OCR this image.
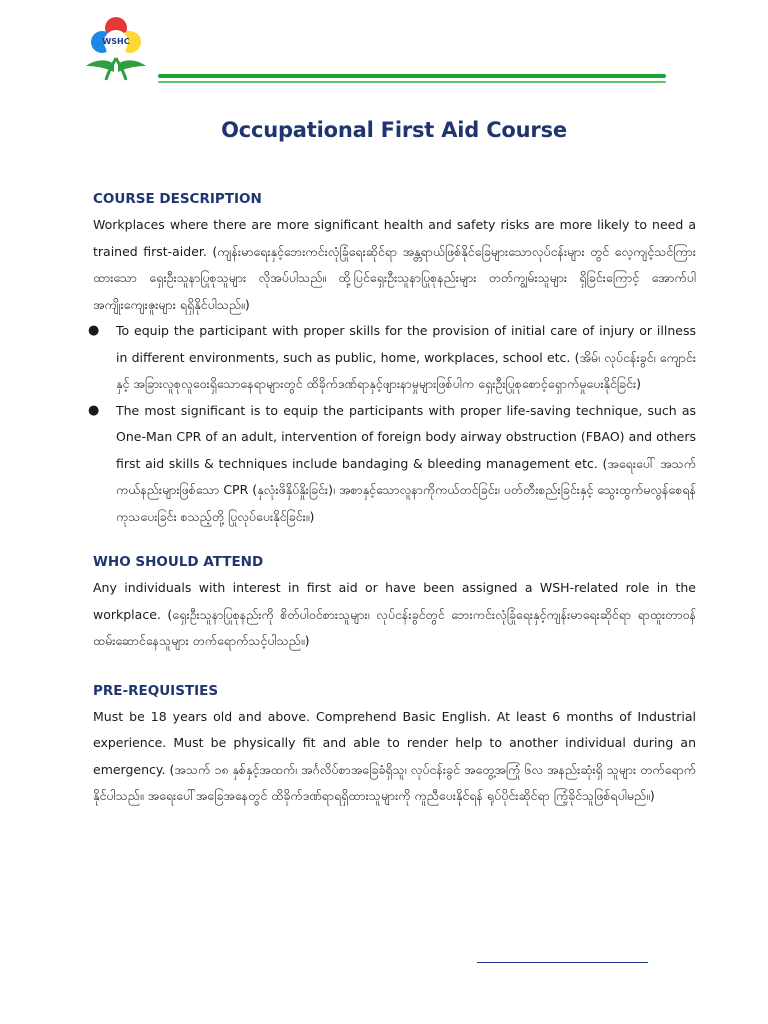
WSHC
Occupational First Aid Course
COURSE DESCRIPTION

Workplaces where there are more significant health and safety risks are more likely to need a trained first-aider. (ကျန်းမာရေးနှင့်ဘေးကင်းလုံခြုံရေးဆိုင်ရာ အန္တရာယ်ဖြစ်နိုင်ခြေများသောလုပ်ငန်းများ တွင် လေ့ကျင့်သင်ကြားထားသော ရှေးဦးသူနာပြုစုသူများ လိုအပ်ပါသည်။ ထို့ပြင်ရှေးဦးသူနာပြုစုနည်းများ တတ်ကျွမ်းသူများ ရှိခြင်းကြောင့် အောက်ပါ အကျိုးကျေးဇူးများ ရရှိနိုင်ပါသည်။)

● To equip the participant with proper skills for the provision of initial care of injury or illness in different environments, such as public, home, workplaces, school etc. (အိမ်၊ လုပ်ငန်းခွင်၊ ကျောင်းနှင့် အခြားလူစုလူဝေးရှိသောနေရာများတွင် ထိခိုက်ဒဏ်ရာနှင့်ဖျားနာမှုများဖြစ်ပါက ရှေးဦးပြုစုစောင့်ရှောက်မှုပေးနိုင်ခြင်း)

● The most significant is to equip the participants with proper life-saving technique, such as One-Man CPR of an adult, intervention of foreign body airway obstruction (FBAO) and others first aid skills & techniques include bandaging & bleeding management etc. (အရေးပေါ် အသက်ကယ်နည်းများဖြစ်သော CPR (နှလုံးဖိနှိပ်နှိုးခြင်း)၊ အစာနှင့်သောလူနာကိုကယ်တင်ခြင်း၊ ပတ်တီးစည်းခြင်းနှင့် သွေးထွက်မလွန်စေရန် ကုသပေးခြင်း စသည့်တို့ ပြုလုပ်ပေးနိုင်ခြင်း။)

WHO SHOULD ATTEND

Any individuals with interest in first aid or have been assigned a WSH-related role in the workplace. (ရှေးဦးသူနာပြုစုနည်းကို စိတ်ပါဝင်စားသူများ၊ လုပ်ငန်းခွင်တွင် ဘေးကင်းလုံခြုံရေးနှင့်ကျန်းမာရေးဆိုင်ရာ ရာထူးတာဝန် ထမ်းဆောင်နေသူများ တက်ရောက်သင့်ပါသည်။)

PRE-REQUISTIES

Must be 18 years old and above. Comprehend Basic English. At least 6 months of Industrial experience. Must be physically fit and able to render help to another individual during an emergency. (အသက် ၁၈ နှစ်နှင့်အထက်၊ အင်္ဂလိပ်စာအခြေခံရှိသူ၊ လုပ်ငန်းခွင် အတွေ့အကြုံ ၆လ အနည်းဆုံးရှိ သူများ တက်ရောက်နိုင်ပါသည်။ အရေးပေါ်အခြေအနေတွင် ထိခိုက်ဒဏ်ရာရရှိထားသူများကို ကူညီပေးနိုင်ရန် ရုပ်ပိုင်းဆိုင်ရာ ကြံ့ခိုင်သူဖြစ်ရပါမည်။)
